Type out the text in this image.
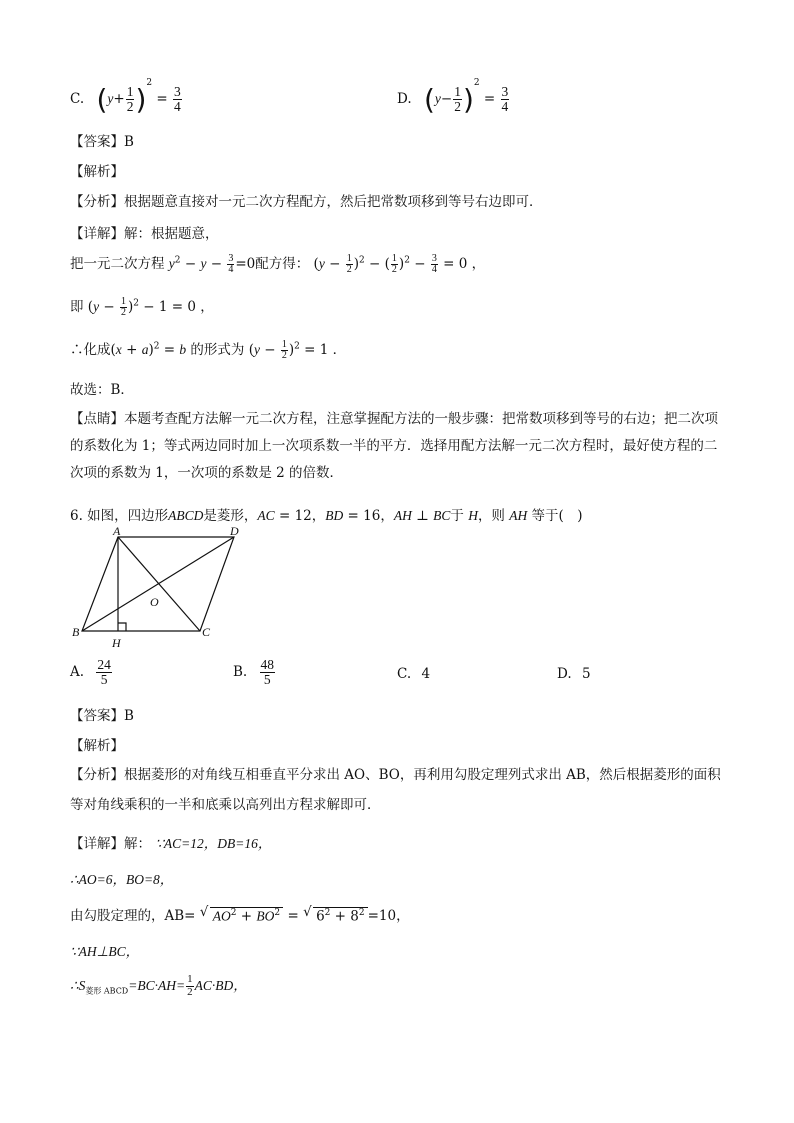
C. $(y+ \frac{1}{2} )^2 = \frac{3}{4}$	D. $(y- \frac{1}{2} )^2 = \frac{3}{4}$
【答案】B
【解析】
【分析】根据题意直接对一元二次方程配方，然后把常数项移到等号右边即可．
【详解】解：根据题意，
把一元二次方程 $y^2 - y - \frac{3}{4} =0$配方得： $(y - \frac{1}{2} )^2$ − ( $\frac{1}{2} )^2 - \frac{3}{4} = 0$ ，
即 $(y - \frac{1}{2} )^2 - 1 = 0$ ，
∴化成$(x + a)^2 = b$ 的形式为 $(y - \frac{1}{2} )^2 = 1$ ．
故选：B．
【点睛】本题考查配方法解一元二次方程，注意掌握配方法的一般步骤：把常数项移到等号的右边；把二次项的系数化为 1；等式两边同时加上一次项系数一半的平方．选择用配方法解一元二次方程时，最好使方程的二次项的系数为 1，一次项的系数是 2 的倍数．
6. 如图，四边形ABCD是菱形，AC = 12，BD = 16，AH ⊥ BC于 H，则 AH 等于(　)
A	D
B	C
O
H
A. $\frac{24}{5}$	B. $\frac{48}{5}$	C. 4	D. 5
【答案】B
【解析】
【分析】根据菱形的对角线互相垂直平分求出 AO、BO，再利用勾股定理列式求出 AB，然后根据菱形的面积等对角线乘积的一半和底乘以高列出方程求解即可．
【详解】解： ∵AC=12，DB=16，
∴AO=6，BO=8，
由勾股定理的，$AB= AO^2 + BO^2$
√	= $6^2 + 8^2$
√	=10，
∵AH⊥BC，
$\therefore S_{菱形 ABCD}=BC\cdot AH= \frac{1}{2} AC\cdot BD$，
